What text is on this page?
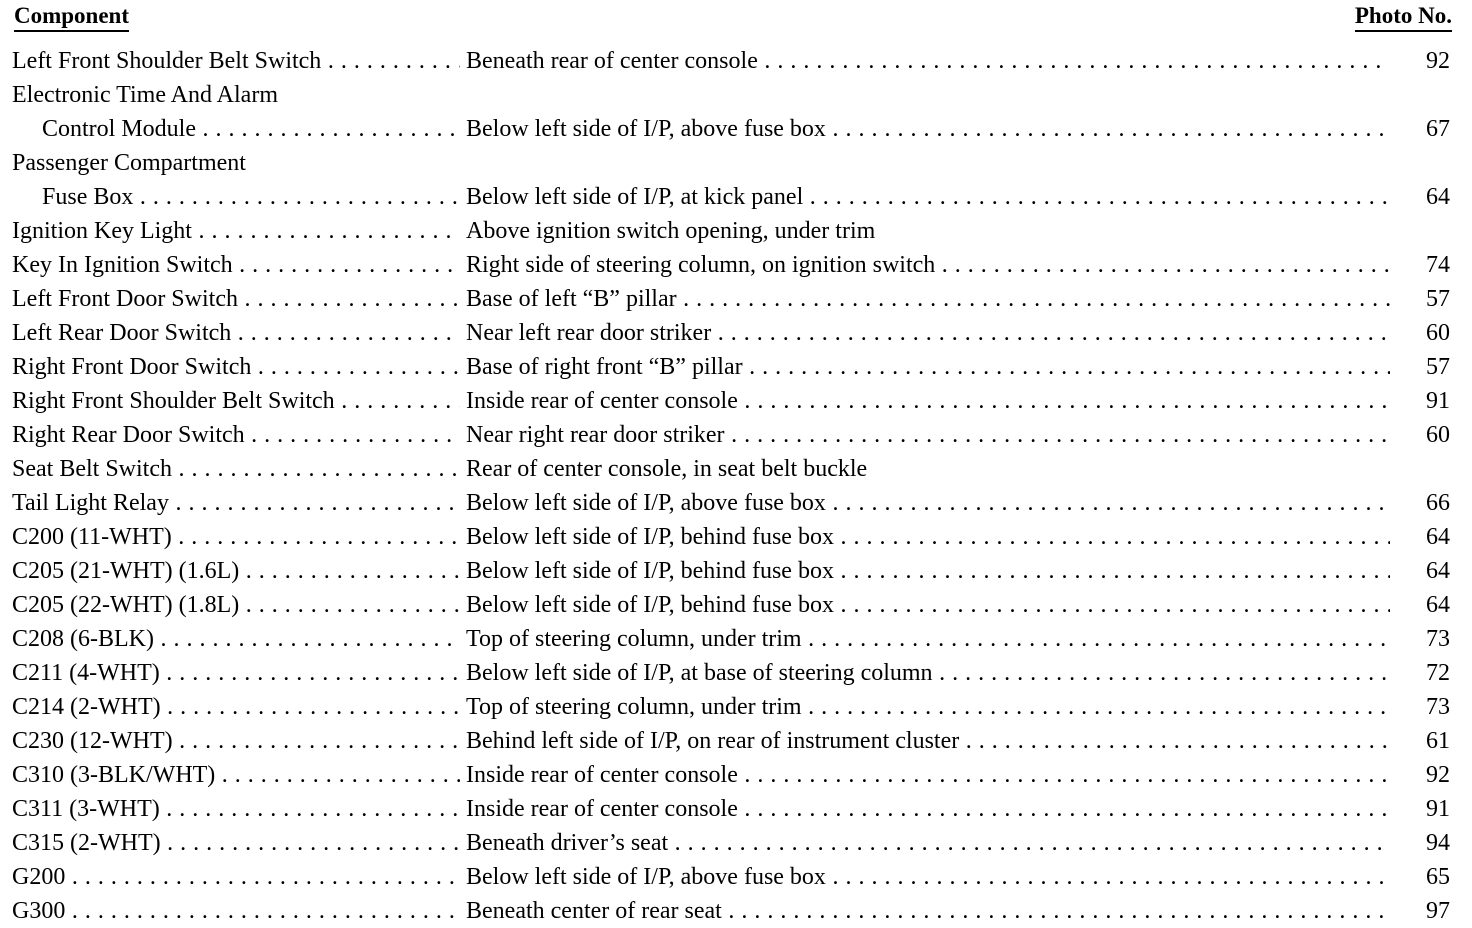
Component	Photo No.
Left Front Shoulder Belt Switch . . .	Beneath rear of center console . . .	92
Electronic Time And Alarm
Control Module . . .	Below left side of I/P, above fuse box . . .	67
Passenger Compartment
Fuse Box . . .	Below left side of I/P, at kick panel . . .	64
Ignition Key Light . . .	Above ignition switch opening, under trim
Key In Ignition Switch . . .	Right side of steering column, on ignition switch . . .	74
Left Front Door Switch . . .	Base of left “B” pillar . . .	57
Left Rear Door Switch . . .	Near left rear door striker . . .	60
Right Front Door Switch . . .	Base of right front “B” pillar . . .	57
Right Front Shoulder Belt Switch . . .	Inside rear of center console . . .	91
Right Rear Door Switch . . .	Near right rear door striker . . .	60
Seat Belt Switch . . .	Rear of center console, in seat belt buckle
Tail Light Relay . . .	Below left side of I/P, above fuse box . . .	66
C200 (11-WHT) . . .	Below left side of I/P, behind fuse box . . .	64
C205 (21-WHT) (1.6L) . . .	Below left side of I/P, behind fuse box . . .	64
C205 (22-WHT) (1.8L) . . .	Below left side of I/P, behind fuse box . . .	64
C208 (6-BLK) . . .	Top of steering column, under trim . . .	73
C211 (4-WHT) . . .	Below left side of I/P, at base of steering column . . .	72
C214 (2-WHT) . . .	Top of steering column, under trim . . .	73
C230 (12-WHT) . . .	Behind left side of I/P, on rear of instrument cluster . . .	61
C310 (3-BLK/WHT) . . .	Inside rear of center console . . .	92
C311 (3-WHT) . . .	Inside rear of center console . . .	91
C315 (2-WHT) . . .	Beneath driver’s seat . . .	94
G200 . . .	Below left side of I/P, above fuse box . . .	65
G300 . . .	Beneath center of rear seat . . .	97
